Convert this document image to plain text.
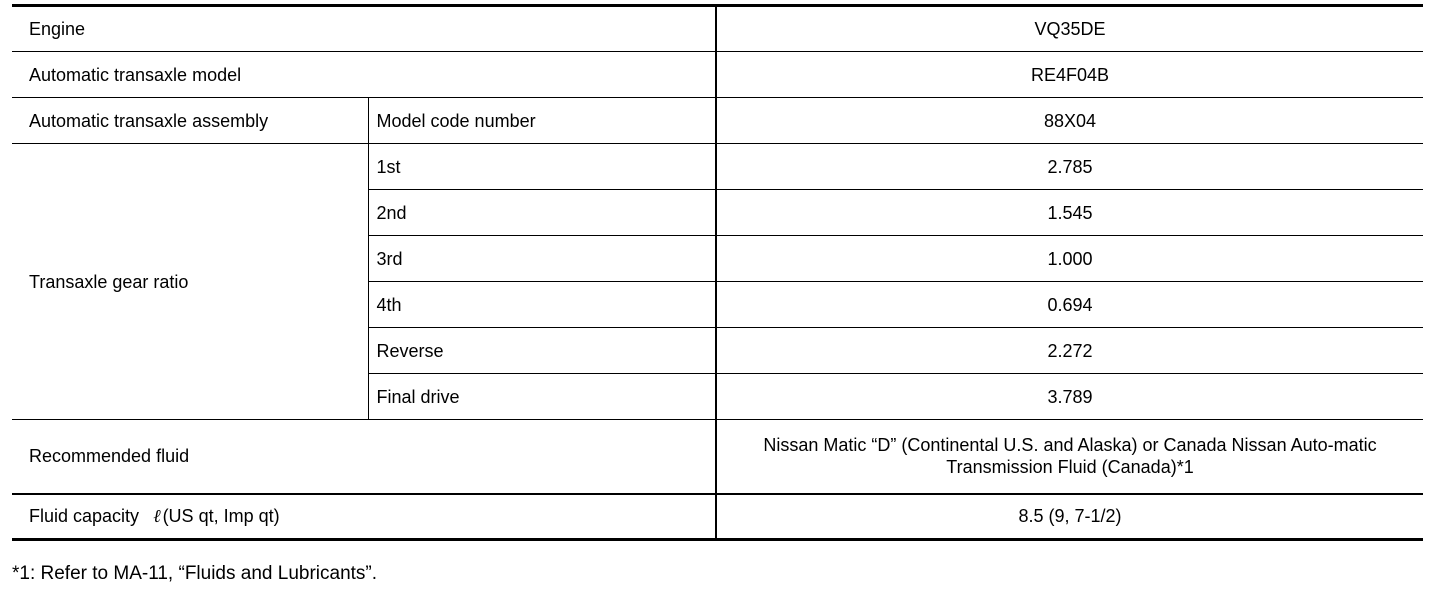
Engine		VQ35DE
Automatic transaxle model		RE4F04B
Automatic transaxle assembly	Model code number	88X04
Transaxle gear ratio	1st	2.785
	2nd	1.545
	3rd	1.000
	4th	0.694
	Reverse	2.272
	Final drive	3.789
Recommended fluid		Nissan Matic “D” (Continental U.S. and Alaska) or Canada Nissan Auto-matic Transmission Fluid (Canada)*1
Fluid capacity ℓ (US qt, Imp qt)		8.5 (9, 7-1/2)
*1: Refer to MA-11, “Fluids and Lubricants”.
